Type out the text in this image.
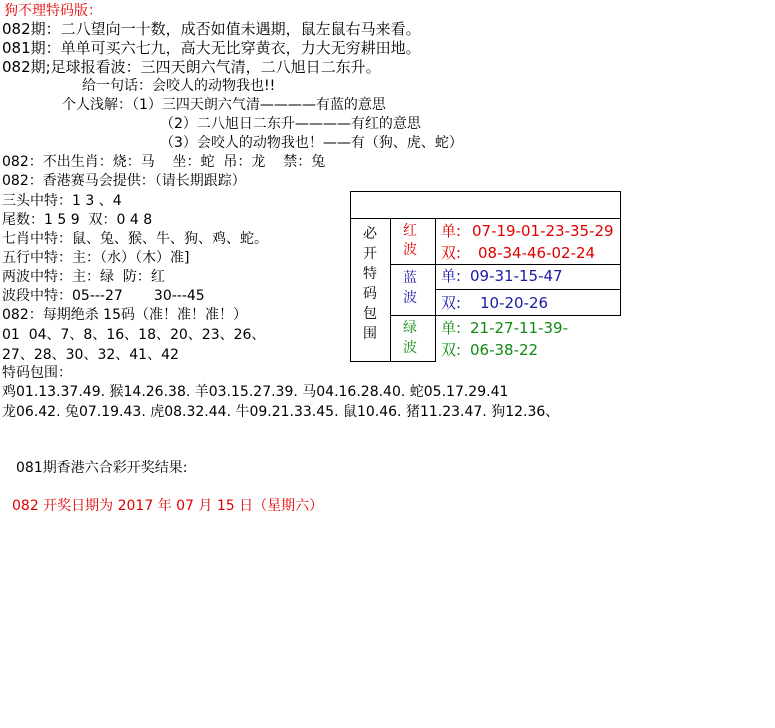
狗不理特码版：
082期：二八望向一十数，成否如值未遇期，鼠左鼠右马来看。
081期：单单可买六七九，高大无比穿黄衣，力大无穷耕田地。
082期;足球报看波：三四天朗六气清，二八旭日二东升。
给一句话：会咬人的动物我也!!
个人浅解：（1）三四天朗六气清————有蓝的意思
（2）二八旭日二东升————有红的意思
（3）会咬人的动物我也！——有（狗、虎、蛇）
082：不出生肖：烧：马    坐：蛇  吊：龙    禁：兔
082：香港赛马会提供：（请长期跟踪）
三头中特：1 3 、4
尾数：1 5 9  双：0 4 8
七肖中特：鼠、兔、猴、牛、狗、鸡、蛇。
五行中特：主：（水）（木）准]
两波中特：主：绿  防：红
波段中特：05---27       30---45
082：每期绝杀 15码（准！准！准！）
01  04、7、8、16、18、20、23、26、
27、28、30、32、41、42
特码包围：
鸡01.13.37.49. 猴14.26.38. 羊03.15.27.39. 马04.16.28.40. 蛇05.17.29.41
龙06.42. 兔07.19.43. 虎08.32.44. 牛09.21.33.45. 鼠10.46. 猪11.23.47. 狗12.36、
必
开
特
码
包
围
红
波
单: 07-19-01-23-35-29
双: 08-34-46-02-24
蓝
波
单: 09-31-15-47
双: 10-20-26
绿
波
单: 21-27-11-39-
双: 06-38-22
081期香港六合彩开奖结果:
082 开奖日期为 2017 年 07 月 15 日（星期六）
